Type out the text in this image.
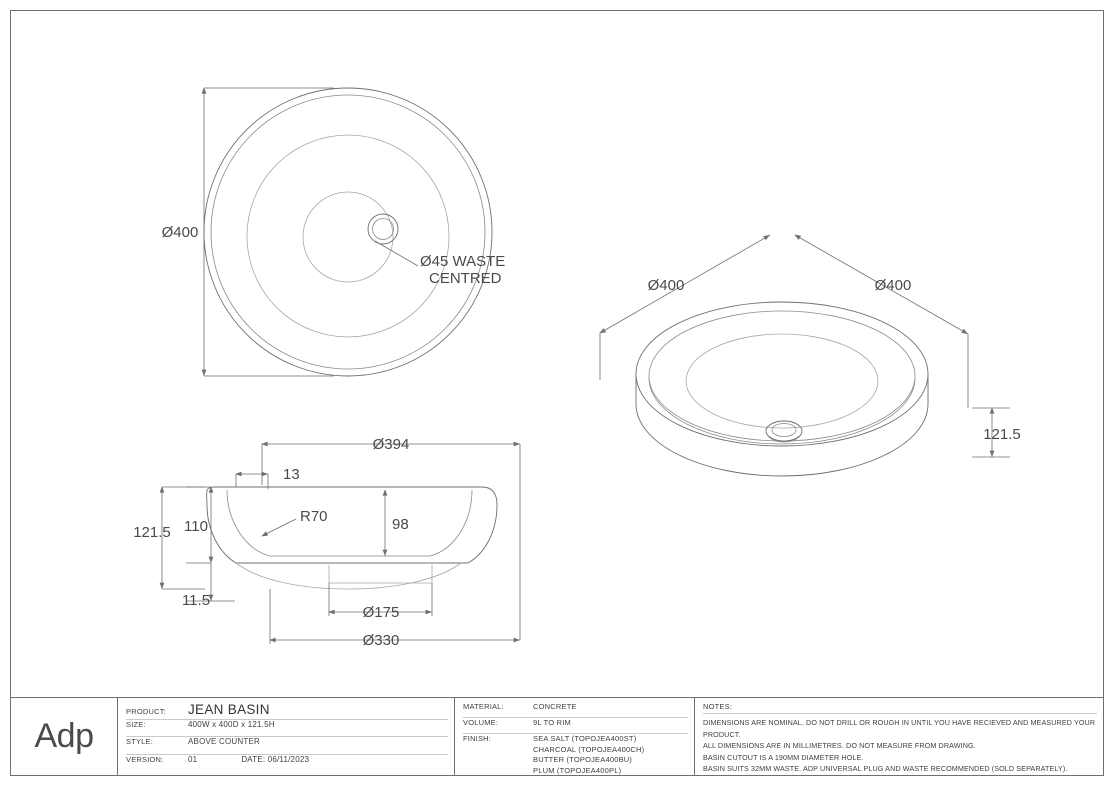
Ø400
Ø45 WASTE
CENTRED
Ø394
13
R70	98
110
121.5
11.5
Ø175
Ø330
Ø400	Ø400
121.5
Adp
PRODUCT:	JEAN BASIN
SIZE:	400W x 400D x 121.5H
STYLE:	ABOVE COUNTER
VERSION:	01	DATE: 06/11/2023
MATERIAL:	CONCRETE
VOLUME:	9L TO RIM
FINISH:	SEA SALT (TOPOJEA400ST)
CHARCOAL (TOPOJEA400CH)
BUTTER (TOPOJEA400BU)
PLUM (TOPOJEA400PL)
NOTES:
DIMENSIONS ARE NOMINAL. DO NOT DRILL OR ROUGH IN UNTIL YOU HAVE RECIEVED AND MEASURED YOUR PRODUCT.
ALL DIMENSIONS ARE IN MILLIMETRES. DO NOT MEASURE FROM DRAWING.
BASIN CUTOUT IS A 190MM DIAMETER HOLE.
BASIN SUITS 32MM WASTE. ADP UNIVERSAL PLUG AND WASTE RECOMMENDED (SOLD SEPARATELY).
